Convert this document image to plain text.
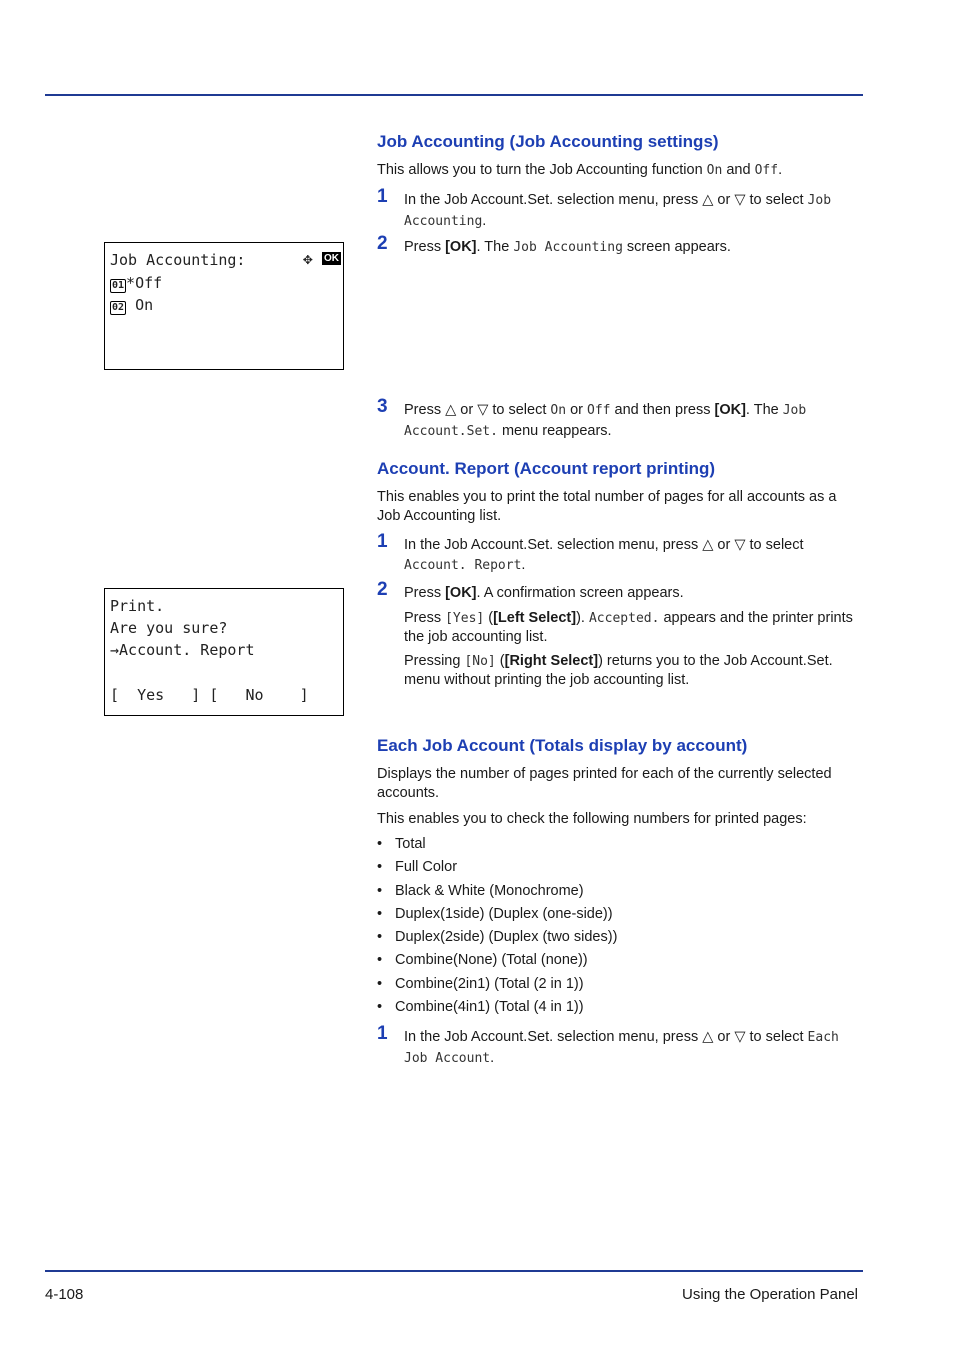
Job Accounting (Job Accounting settings)
This allows you to turn the Job Accounting function On and Off.
1 In the Job Account.Set. selection menu, press △ or ▽ to select Job Accounting.
2 Press [OK]. The Job Accounting screen appears.
3 Press △ or ▽ to select On or Off and then press [OK]. The Job Account.Set. menu reappears.
Job Accounting:	✥ OK
01 *Off
02 On
Account. Report (Account report printing)
This enables you to print the total number of pages for all accounts as a Job Accounting list.
1 In the Job Account.Set. selection menu, press △ or ▽ to select Account. Report.
2 Press [OK]. A confirmation screen appears.
Press [Yes] ([Left Select]). Accepted. appears and the printer prints the job accounting list.
Pressing [No] ([Right Select]) returns you to the Job Account.Set. menu without printing the job accounting list.
Print.
Are you sure?
→Account. Report
[  Yes   ] [   No    ]
Each Job Account (Totals display by account)
Displays the number of pages printed for each of the currently selected accounts.
This enables you to check the following numbers for printed pages:
• Total
• Full Color
• Black & White (Monochrome)
• Duplex(1side) (Duplex (one-side))
• Duplex(2side) (Duplex (two sides))
• Combine(None) (Total (none))
• Combine(2in1) (Total (2 in 1))
• Combine(4in1) (Total (4 in 1))
1 In the Job Account.Set. selection menu, press △ or ▽ to select Each Job Account.
4-108	Using the Operation Panel
